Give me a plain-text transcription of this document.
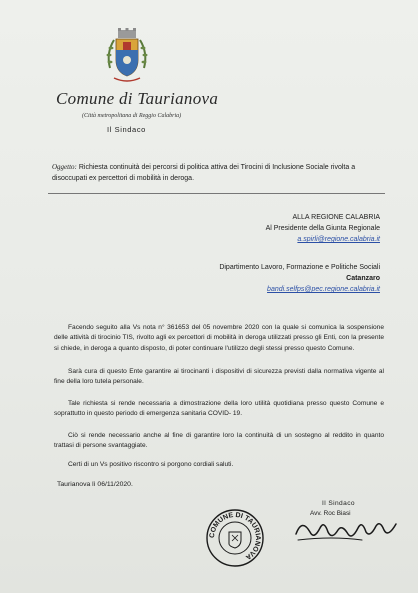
Comune di Taurianova
(Città metropolitana di Reggio Calabria)
Il Sindaco
Oggetto: Richiesta continuità dei percorsi di politica attiva dei Tirocini di Inclusione Sociale rivolta a disoccupati ex percettori di mobilità in deroga.
ALLA REGIONE CALABRIA
Al Presidente della Giunta Regionale
a.spirli@regione.calabria.it
Dipartimento Lavoro, Formazione e Politiche Sociali
Catanzaro
bandi.selfps@pec.regione.calabria.it
Facendo seguito alla Vs nota n° 361653 del 05 novembre 2020 con la quale si comunica la sospensione delle attività di tirocinio TIS, rivolto agli ex percettori di mobilità in deroga utilizzati presso gli Enti, con la presente si chiede, in deroga a quanto disposto, di poter continuare l'utilizzo degli stessi presso questo Comune.
Sarà cura di questo Ente garantire ai tirocinanti i dispositivi di sicurezza previsti dalla normativa vigente al fine della loro tutela personale.
Tale richiesta si rende necessaria a dimostrazione della loro utilità quotidiana presso questo Comune e soprattutto in questo periodo di emergenza sanitaria COVID- 19.
Ciò si rende necessario anche al fine di garantire loro la continuità di un sostegno al reddito in quanto trattasi di persone svantaggiate.
Certi di un Vs positivo riscontro si porgono cordiali saluti.
Taurianova lì 06/11/2020.
COMUNE DI TAURIANOVA
Il Sindaco
Avv. Roc Biasi
